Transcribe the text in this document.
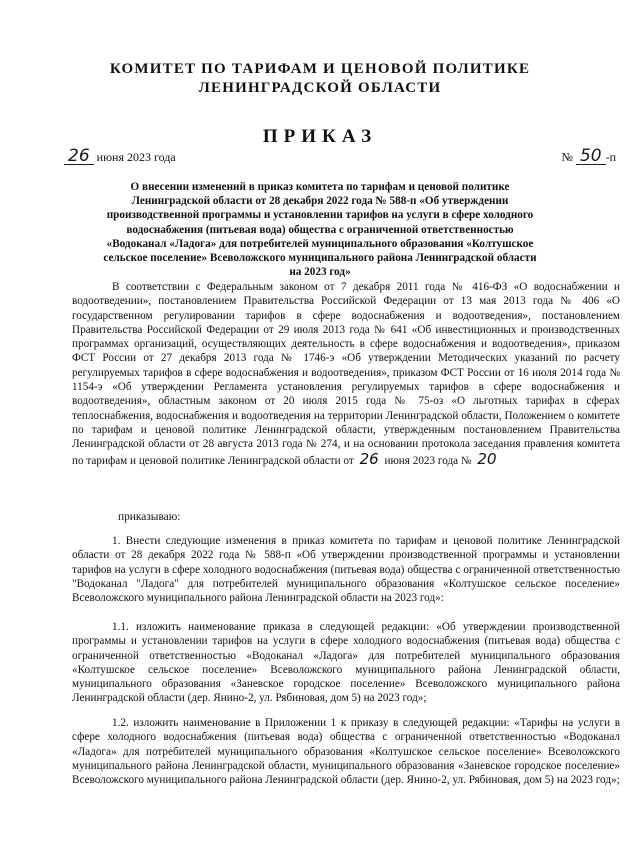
КОМИТЕТ ПО ТАРИФАМ И ЦЕНОВОЙ ПОЛИТИКЕ
ЛЕНИНГРАДСКОЙ ОБЛАСТИ
ПРИКАЗ
26 июня 2023 года	№ 50 -п
О внесении изменений в приказ комитета по тарифам и ценовой политике Ленинградской области от 28 декабря 2022 года № 588-п «Об утверждении производственной программы и установлении тарифов на услуги в сфере холодного водоснабжения (питьевая вода) общества с ограниченной ответственностью «Водоканал «Ладога» для потребителей муниципального образования «Колтушское сельское поселение» Всеволожского муниципального района Ленинградской области на 2023 год»
В соответствии с Федеральным законом от 7 декабря 2011 года № 416-ФЗ «О водоснабжении и водоотведении», постановлением Правительства Российской Федерации от 13 мая 2013 года № 406 «О государственном регулировании тарифов в сфере водоснабжения и водоотведения», постановлением Правительства Российской Федерации от 29 июля 2013 года № 641 «Об инвестиционных и производственных программах организаций, осуществляющих деятельность в сфере водоснабжения и водоотведения», приказом ФСТ России от 27 декабря 2013 года № 1746-э «Об утверждении Методических указаний по расчету регулируемых тарифов в сфере водоснабжения и водоотведения», приказом ФСТ России от 16 июля 2014 года № 1154-э «Об утверждении Регламента установления регулируемых тарифов в сфере водоснабжения и водоотведения», областным законом от 20 июля 2015 года № 75-оз «О льготных тарифах в сферах теплоснабжения, водоснабжения и водоотведения на территории Ленинградской области, Положением о комитете по тарифам и ценовой политике Ленинградской области, утвержденным постановлением Правительства Ленинградской области от 28 августа 2013 года № 274, и на основании протокола заседания правления комитета по тарифам и ценовой политике Ленинградской области от 26 июня 2023 года № 20
приказываю:
1. Внести следующие изменения в приказ комитета по тарифам и ценовой политике Ленинградской области от 28 декабря 2022 года № 588-п «Об утверждении производственной программы и установлении тарифов на услуги в сфере холодного водоснабжения (питьевая вода) общества с ограниченной ответственностью "Водоканал "Ладога" для потребителей муниципального образования «Колтушское сельское поселение» Всеволожского муниципального района Ленинградской области на 2023 год»:
1.1. изложить наименование приказа в следующей редакции: «Об утверждении производственной программы и установлении тарифов на услуги в сфере холодного водоснабжения (питьевая вода) общества с ограниченной ответственностью «Водоканал «Ладога» для потребителей муниципального образования «Колтушское сельское поселение» Всеволожского муниципального района Ленинградской области, муниципального образования «Заневское городское поселение» Всеволожского муниципального района Ленинградской области (дер. Янино-2, ул. Рябиновая, дом 5) на 2023 год»;
1.2. изложить наименование в Приложении 1 к приказу в следующей редакции: «Тарифы на услуги в сфере холодного водоснабжения (питьевая вода) общества с ограниченной ответственностью «Водоканал «Ладога» для потребителей муниципального образования «Колтушское сельское поселение» Всеволожского муниципального района Ленинградской области, муниципального образования «Заневское городское поселение» Всеволожского муниципального района Ленинградской области (дер. Янино-2, ул. Рябиновая, дом 5) на 2023 год»;
